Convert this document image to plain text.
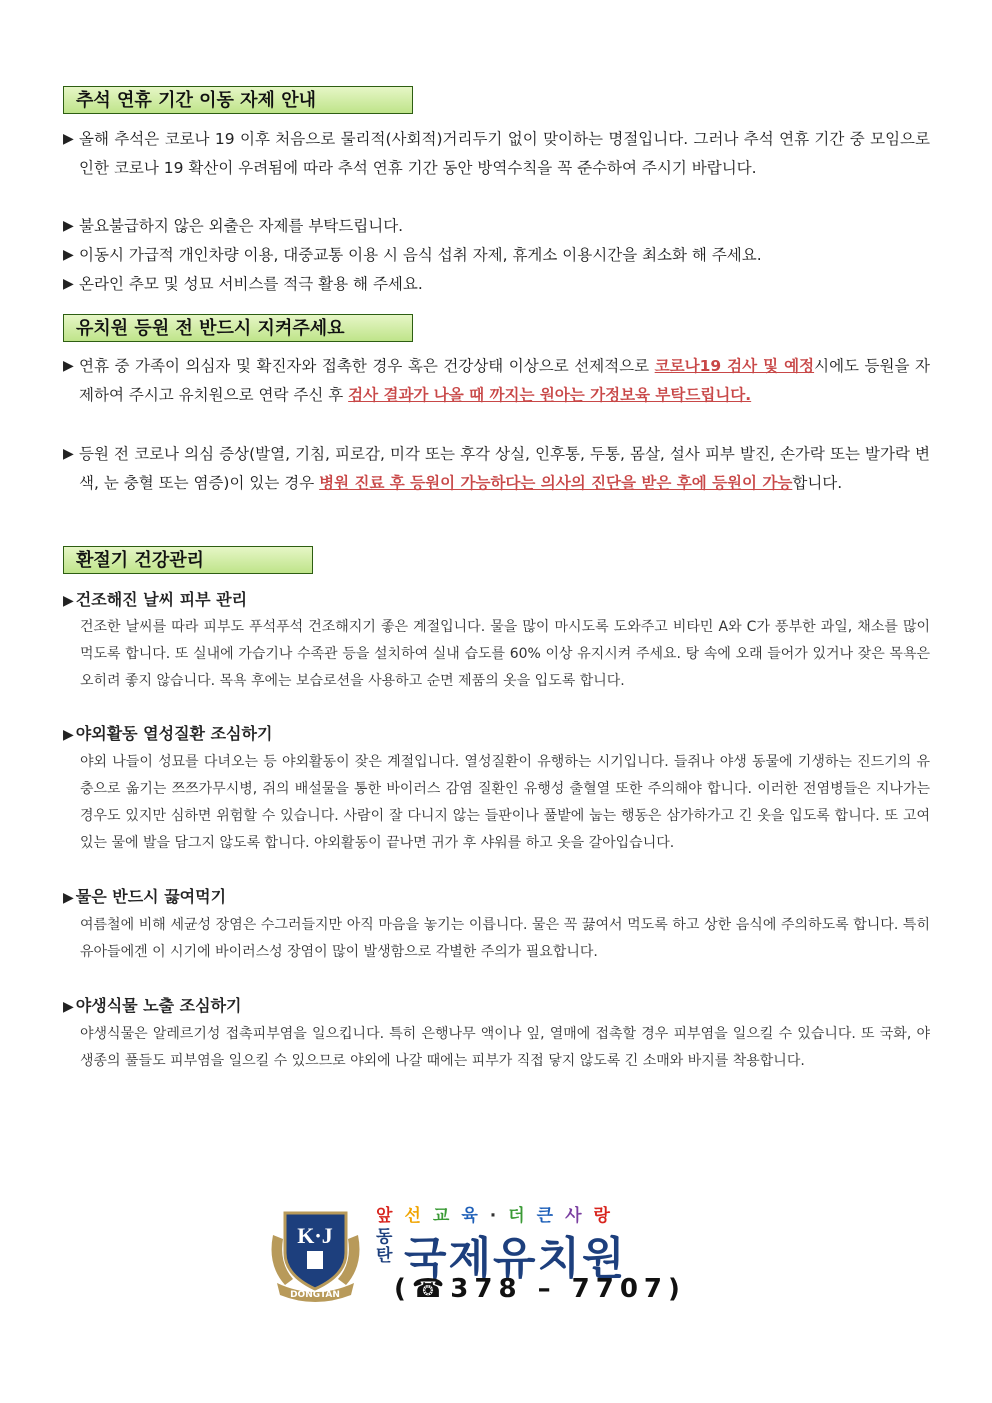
추석 연휴 기간 이동 자제 안내
▶ 올해 추석은 코로나 19 이후 처음으로 물리적(사회적)거리두기 없이 맞이하는 명절입니다. 그러나 추석 연휴 기간 중 모임으로 인한 코로나 19 확산이 우려됨에 따라 추석 연휴 기간 동안 방역수칙을 꼭 준수하여 주시기 바랍니다.
▶ 불요불급하지 않은 외출은 자제를 부탁드립니다.
▶ 이동시 가급적 개인차량 이용, 대중교통 이용 시 음식 섭취 자제, 휴게소 이용시간을 최소화 해 주세요.
▶ 온라인 추모 및 성묘 서비스를 적극 활용 해 주세요.
유치원 등원 전 반드시 지켜주세요
▶ 연휴 중 가족이 의심자 및 확진자와 접촉한 경우 혹은 건강상태 이상으로 선제적으로 코로나19 검사 및 예정시에도 등원을 자제하여 주시고 유치원으로 연락 주신 후 검사 결과가 나올 때 까지는 원아는 가정보육 부탁드립니다.
▶ 등원 전 코로나 의심 증상(발열, 기침, 피로감, 미각 또는 후각 상실, 인후통, 두통, 몸살, 설사 피부 발진, 손가락 또는 발가락 변색, 눈 충혈 또는 염증)이 있는 경우 병원 진료 후 등원이 가능하다는 의사의 진단을 받은 후에 등원이 가능합니다.
환절기 건강관리
▶ 건조해진 날씨 피부 관리
건조한 날씨를 따라 피부도 푸석푸석 건조해지기 좋은 계절입니다. 물을 많이 마시도록 도와주고 비타민 A와 C가 풍부한 과일, 채소를 많이 먹도록 합니다. 또 실내에 가습기나 수족관 등을 설치하여 실내 습도를 60% 이상 유지시켜 주세요. 탕 속에 오래 들어가 있거나 잦은 목욕은 오히려 좋지 않습니다. 목욕 후에는 보습로션을 사용하고 순면 제품의 옷을 입도록 합니다.
▶ 야외활동 열성질환 조심하기
야외 나들이 성묘를 다녀오는 등 야외활동이 잦은 계절입니다. 열성질환이 유행하는 시기입니다. 들쥐나 야생 동물에 기생하는 진드기의 유충으로 옮기는 쯔쯔가무시병, 쥐의 배설물을 통한 바이러스 감염 질환인 유행성 출혈열 또한 주의해야 합니다. 이러한 전염병들은 지나가는 경우도 있지만 심하면 위험할 수 있습니다. 사람이 잘 다니지 않는 들판이나 풀밭에 눕는 행동은 삼가하가고 긴 옷을 입도록 합니다. 또 고여 있는 물에 발을 담그지 않도록 합니다. 야외활동이 끝나면 귀가 후 샤워를 하고 옷을 갈아입습니다.
▶ 물은 반드시 끓여먹기
여름철에 비해 세균성 장염은 수그러들지만 아직 마음을 놓기는 이릅니다. 물은 꼭 끓여서 먹도록 하고 상한 음식에 주의하도록 합니다. 특히 유아들에겐 이 시기에 바이러스성 장염이 많이 발생함으로 각별한 주의가 필요합니다.
▶ 야생식물 노출 조심하기
야생식물은 알레르기성 접촉피부염을 일으킵니다. 특히 은행나무 액이나 잎, 열매에 접촉할 경우 피부염을 일으킬 수 있습니다. 또 국화, 야생종의 풀들도 피부염을 일으킬 수 있으므로 야외에 나갈 때에는 피부가 직접 닿지 않도록 긴 소매와 바지를 착용합니다.
K·J
DONGTAN
앞선교육·더큰사랑
동
탄 국제유치원
(☎378 – 7707)
